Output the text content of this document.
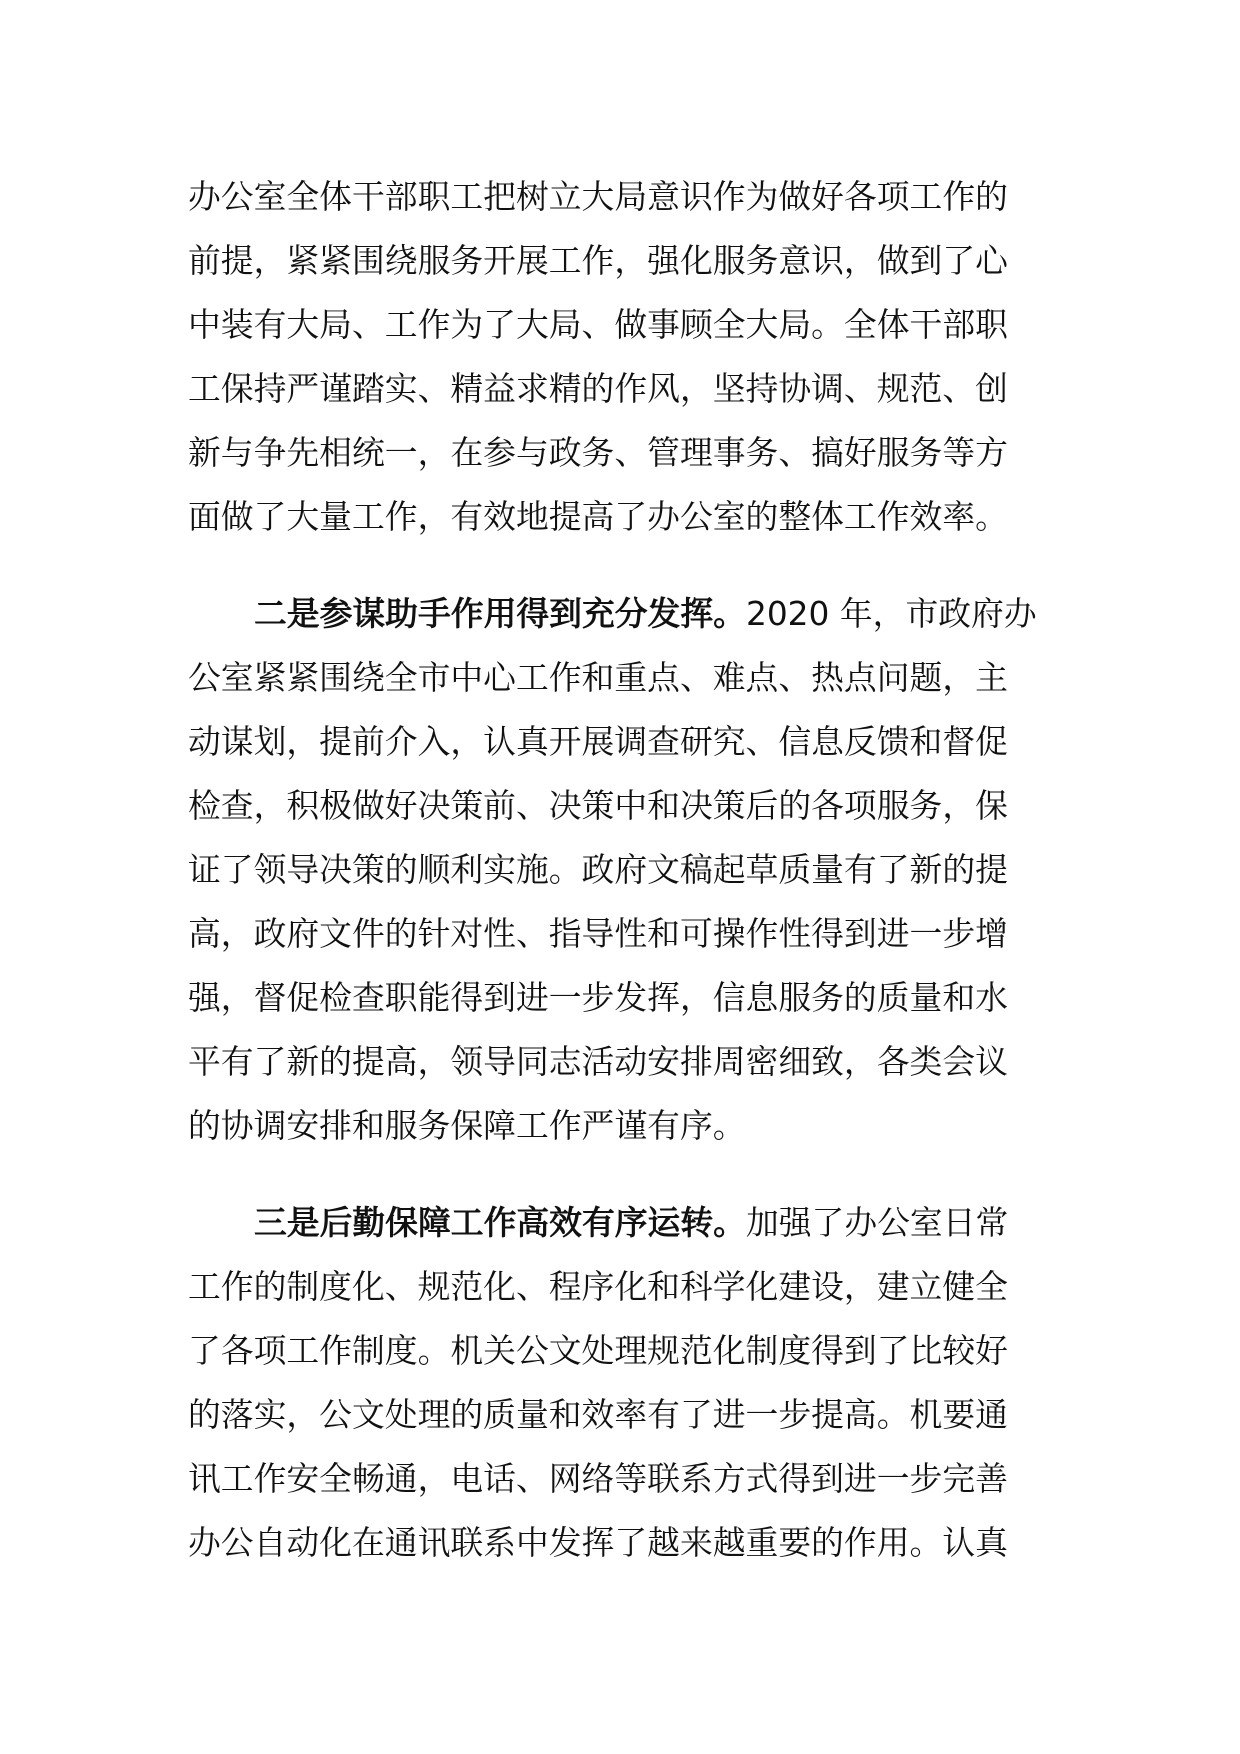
办公室全体干部职工把树立大局意识作为做好各项工作的
前提，紧紧围绕服务开展工作，强化服务意识，做到了心
中装有大局、工作为了大局、做事顾全大局。全体干部职
工保持严谨踏实、精益求精的作风，坚持协调、规范、创
新与争先相统一，在参与政务、管理事务、搞好服务等方
面做了大量工作，有效地提高了办公室的整体工作效率。
二是参谋助手作用得到充分发挥。2020 年，市政府办
公室紧紧围绕全市中心工作和重点、难点、热点问题，主
动谋划，提前介入，认真开展调查研究、信息反馈和督促
检查，积极做好决策前、决策中和决策后的各项服务，保
证了领导决策的顺利实施。政府文稿起草质量有了新的提
高，政府文件的针对性、指导性和可操作性得到进一步增
强，督促检查职能得到进一步发挥，信息服务的质量和水
平有了新的提高，领导同志活动安排周密细致，各类会议
的协调安排和服务保障工作严谨有序。
三是后勤保障工作高效有序运转。加强了办公室日常
工作的制度化、规范化、程序化和科学化建设，建立健全
了各项工作制度。机关公文处理规范化制度得到了比较好
的落实，公文处理的质量和效率有了进一步提高。机要通
讯工作安全畅通，电话、网络等联系方式得到进一步完善
办公自动化在通讯联系中发挥了越来越重要的作用。认真
